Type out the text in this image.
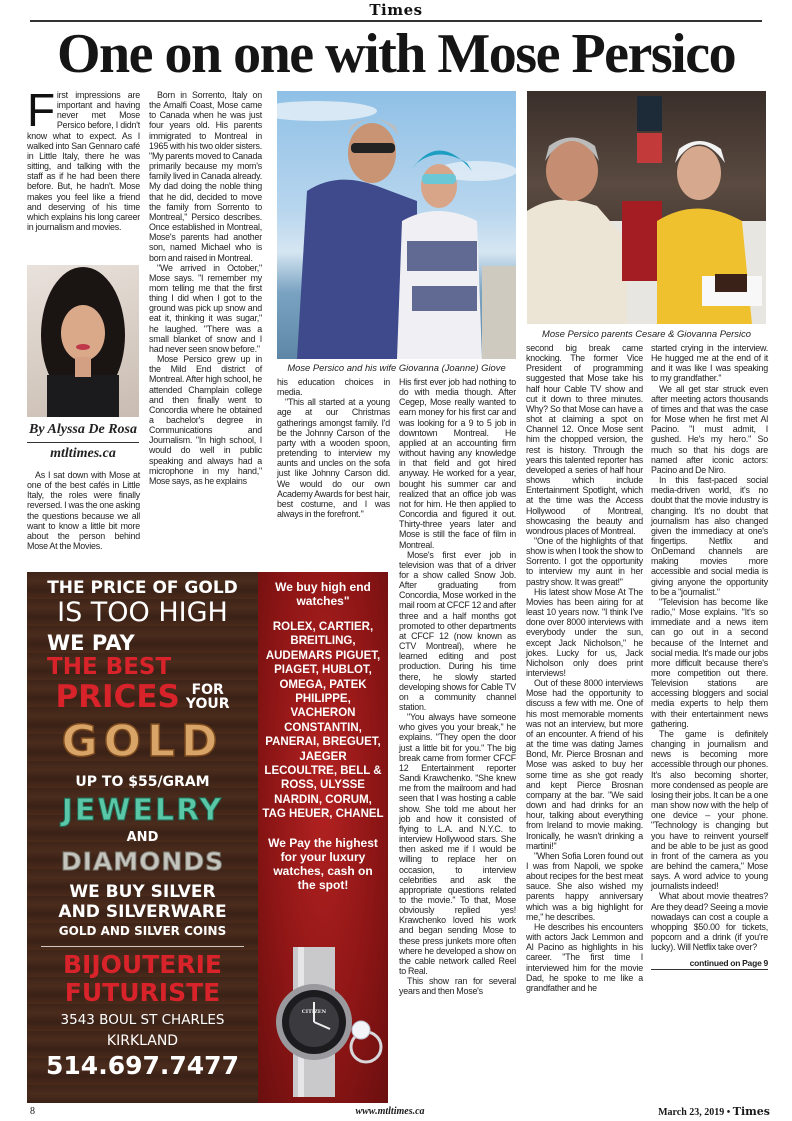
Times
One on one with Mose Persico
F irst impressions are important and having never met Mose Persico before, I didn't know what to expect. As I walked into San Gennaro café in Little Italy, there he was sitting, and talking with the staff as if he had been there before. But, he hadn't. Mose makes you feel like a friend and deserving of his time which explains his long career in journalism and movies.

By Alyssa De Rosa
mtltimes.ca

As I sat down with Mose at one of the best cafés in Little Italy, the roles were finally reversed. I was the one asking the questions because we all want to know a little bit more about the person behind Mose At the Movies.

Born in Sorrento, Italy on the Amalfi Coast, Mose came to Canada when he was just four years old. His parents immigrated to Montreal in 1965 with his two older sisters. "My parents moved to Canada primarily because my mom's family lived in Canada already. My dad doing the noble thing that he did, decided to move the family from Sorrento to Montreal," Persico describes. Once established in Montreal, Mose's parents had another son, named Michael who is born and raised in Montreal.

"We arrived in October," Mose says. "I remember my mom telling me that the first thing I did when I got to the ground was pick up snow and eat it, thinking it was sugar," he laughed. "There was a small blanket of snow and I had never seen snow before."

Mose Persico grew up in the Mild End district of Montreal. After high school, he attended Champlain college and then finally went to Concordia where he obtained a bachelor's degree in Communications and Journalism. "In high school, I would do well in public speaking and always had a microphone in my hand," Mose says, as he explains

Mose Persico and his wife Giovanna (Joanne) Giove
Mose Persico parents Cesare & Giovanna Persico

his education choices in media.

"This all started at a young age at our Christmas gatherings amongst family. I'd be the Johnny Carson of the party with a wooden spoon, pretending to interview my aunts and uncles on the sofa just like Johnny Carson did. We would do our own Academy Awards for best hair, best costume, and I was always in the forefront."

His first ever job had nothing to do with media though. After Cegep, Mose really wanted to earn money for his first car and was looking for a 9 to 5 job in downtown Montreal. He applied at an accounting firm without having any knowledge in that field and got hired anyway. He worked for a year, bought his summer car and realized that an office job was not for him. He then applied to Concordia and figured it out. Thirty-three years later and Mose is still the face of film in Montreal.

Mose's first ever job in television was that of a driver for a show called Snow Job. After graduating from Concordia, Mose worked in the mail room at CFCF 12 and after three and a half months got promoted to other departments at CFCF 12 (now known as CTV Montreal), where he learned editing and post production. During his time there, he slowly started developing shows for Cable TV on a community channel station.

"You always have someone who gives you your break," he explains. "They open the door just a little bit for you." The big break came from former CFCF 12 Entertainment reporter Sandi Krawchenko. "She knew me from the mailroom and had seen that I was hosting a cable show. She told me about her job and how it consisted of flying to L.A. and N.Y.C. to interview Hollywood stars. She then asked me if I would be willing to replace her on occasion, to interview celebrities and ask the appropriate questions related to the movie." To that, Mose obviously replied yes! Krawchenko loved his work and began sending Mose to these press junkets more often where he developed a show on the cable network called Reel to Real.

This show ran for several years and then Mose's

second big break came knocking. The former Vice President of programming suggested that Mose take his half hour Cable TV show and cut it down to three minutes. Why? So that Mose can have a shot at claiming a spot on Channel 12. Once Mose sent him the chopped version, the rest is history. Through the years this talented reporter has developed a series of half hour shows which include Entertainment Spotlight, which at the time was the Access Hollywood of Montreal, showcasing the beauty and wondrous places of Montreal.

"One of the highlights of that show is when I took the show to Sorrento. I got the opportunity to interview my aunt in her pastry show. It was great!"

His latest show Mose At The Movies has been airing for at least 10 years now. "I think I've done over 8000 interviews with everybody under the sun, except Jack Nicholson," he jokes. Lucky for us, Jack Nicholson only does print interviews!

Out of these 8000 interviews Mose had the opportunity to discuss a few with me. One of his most memorable moments was not an interview, but more of an encounter. A friend of his at the time was dating James Bond, Mr. Pierce Brosnan and Mose was asked to buy her some time as she got ready and kept Pierce Brosnan company at the bar. "We said down and had drinks for an hour, talking about everything from Ireland to movie making. Ironically, he wasn't drinking a martini!"

"When Sofia Loren found out I was from Napoli, we spoke about recipes for the best meat sauce. She also wished my parents happy anniversary which was a big highlight for me," he describes.

He describes his encounters with actors Jack Lemmon and Al Pacino as highlights in his career. "The first time I interviewed him for the movie Dad, he spoke to me like a grandfather and he

started crying in the interview. He hugged me at the end of it and it was like I was speaking to my grandfather."

We all get star struck even after meeting actors thousands of times and that was the case for Mose when he first met Al Pacino. "I must admit, I gushed. He's my hero." So much so that his dogs are named after iconic actors: Pacino and De Niro.

In this fast-paced social media-driven world, it's no doubt that the movie industry is changing. It's no doubt that journalism has also changed given the immediacy at one's fingertips. Netflix and OnDemand channels are making movies more accessible and social media is giving anyone the opportunity to be a "journalist."

"Television has become like radio," Mose explains. "It's so immediate and a news item can go out in a second because of the Internet and social media. It's made our jobs more difficult because there's more competition out there. Television stations are accessing bloggers and social media experts to help them with their entertainment news gathering.

The game is definitely changing in journalism and news is becoming more accessible through our phones. It's also becoming shorter, more condensed as people are losing their jobs. It can be a one man show now with the help of one device – your phone. "Technology is changing but you have to reinvent yourself and be able to be just as good in front of the camera as you are behind the camera," Mose says. A word advice to young journalists indeed!

What about movie theatres? Are they dead? Seeing a movie nowadays can cost a couple a whopping $50.00 for tickets, popcorn and a drink (if you're lucky). Will Netflix take over?

continued on Page 9
THE PRICE OF GOLD
IS TOO HIGH
WE PAY
THE BEST
PRICES FOR
YOUR
GOLD
UP TO $55/GRAM
JEWELRY
AND
DIAMONDS
WE BUY SILVER
AND SILVERWARE
GOLD AND SILVER COINS
BIJOUTERIE
FUTURISTE
3543 BOUL ST CHARLES
KIRKLAND
514.697.7477
We buy high end watches"
ROLEX, CARTIER, BREITLING, AUDEMARS PIGUET, PIAGET, HUBLOT, OMEGA, PATEK PHILIPPE, VACHERON CONSTANTIN, PANERAI, BREGUET, JAEGER LECOULTRE, BELL & ROSS, ULYSSE NARDIN, CORUM, TAG HEUER, CHANEL
We Pay the highest for your luxury watches, cash on the spot!
CITIZEN
8	www.mtltimes.ca	March 23, 2019 • Times
